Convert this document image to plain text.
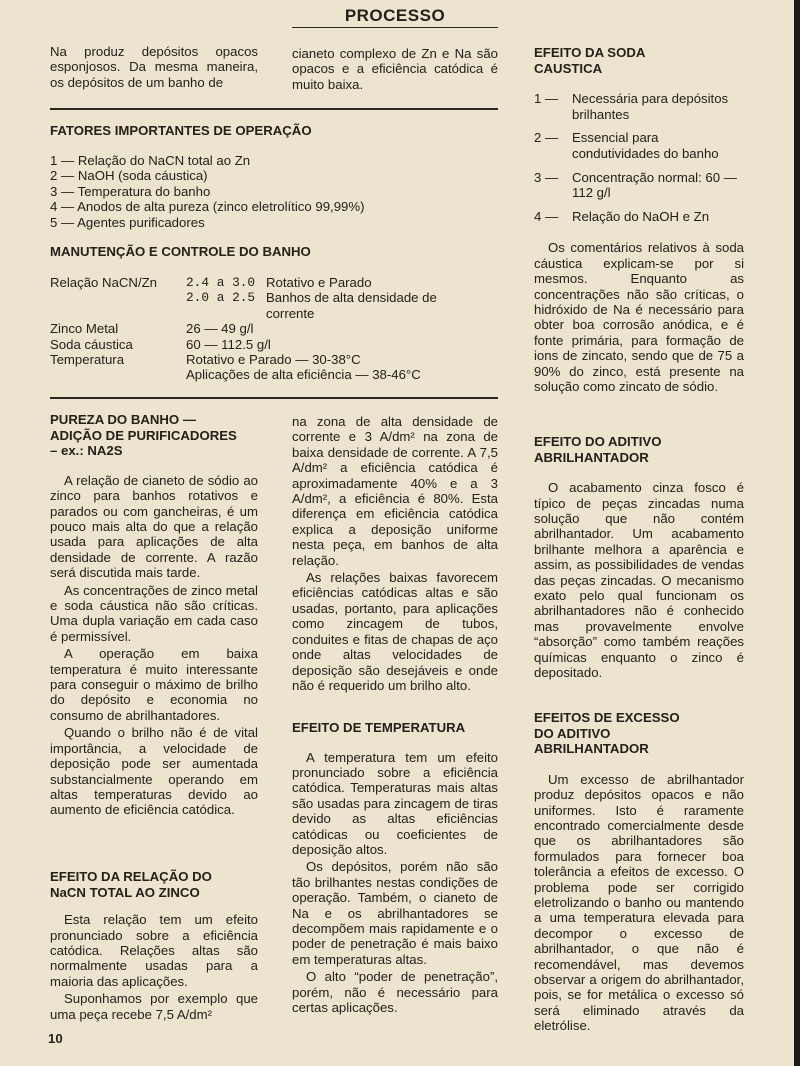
PROCESSO

Na produz depósitos opacos esponjosos. Da mesma maneira, os depósitos de um banho de

cianeto complexo de Zn e Na são opacos e a eficiência catódica é muito baixa.

FATORES IMPORTANTES DE OPERAÇÃO
1 — Relação do NaCN total ao Zn
2 — NaOH (soda cáustica)
3 — Temperatura do banho
4 — Anodos de alta pureza (zinco eletrolítico 99,99%)
5 — Agentes purificadores
MANUTENÇÃO E CONTROLE DO BANHO
Relação NaCN/Zn	2.4 a 3.0	Rotativo e Parado
	2.0 a 2.5	Banhos de alta densidade de corrente
Zinco Metal	26 — 49 g/l	
Soda cáustica	60 — 112.5 g/l	
Temperatura	Rotativo e Parado — 30-38°C	
	Aplicações de alta eficiência — 38-46°C	
PUREZA DO BANHO —
ADIÇÃO DE PURIFICADORES
– ex.: NA2S

A relação de cianeto de sódio ao zinco para banhos rotativos e parados ou com gancheiras, é um pouco mais alta do que a relação usada para aplicações de alta densidade de corrente. A razão será discutida mais tarde.

As concentrações de zinco metal e soda cáustica não são críticas. Uma dupla variação em cada caso é permissível.

A operação em baixa temperatura é muito interessante para conseguir o máximo de brilho do depósito e economia no consumo de abrilhantadores.

Quando o brilho não é de vital importância, a velocidade de deposição pode ser aumentada substancialmente operando em altas temperaturas devido ao aumento de eficiência catódica.

EFEITO DA RELAÇÃO DO
NaCN TOTAL AO ZINCO

Esta relação tem um efeito pronunciado sobre a eficiência catódica. Relações altas são normalmente usadas para a maioria das aplicações.

Suponhamos por exemplo que uma peça recebe 7,5 A/dm²

na zona de alta densidade de corrente e 3 A/dm² na zona de baixa densidade de corrente. A 7,5 A/dm² a eficiência catódica é aproximadamente 40% e a 3 A/dm², a eficiência é 80%. Esta diferença em eficiência catódica explica a deposição uniforme nesta peça, em banhos de alta relação.

As relações baixas favorecem eficiências catódicas altas e são usadas, portanto, para aplicações como zincagem de tubos, conduites e fitas de chapas de aço onde altas velocidades de deposição são desejáveis e onde não é requerido um brilho alto.

EFEITO DE TEMPERATURA

A temperatura tem um efeito pronunciado sobre a eficiência catódica. Temperaturas mais altas são usadas para zincagem de tiras devido as altas eficiências catódicas ou coeficientes de deposição altos.

Os depósitos, porém não são tão brilhantes nestas condições de operação. Também, o cianeto de Na e os abrilhantadores se decompõem mais rapidamente e o poder de penetração é mais baixo em temperaturas altas.

O alto “poder de penetração”, porém, não é necessário para certas aplicações.

EFEITO DA SODA
CAUSTICA
1 —	Necessária para depósitos brilhantes
2 —	Essencial para condutividades do banho
3 —	Concentração normal: 60 — 112 g/l
4 —	Relação do NaOH e Zn

Os comentários relativos à soda cáustica explicam-se por si mesmos. Enquanto as concentrações não são críticas, o hidróxido de Na é necessário para obter boa corrosão anódica, e é fonte primária, para formação de ions de zincato, sendo que de 75 a 90% do zinco, está presente na solução como zincato de sódio.

EFEITO DO ADITIVO
ABRILHANTADOR

O acabamento cinza fosco é típico de peças zincadas numa solução que não contém abrilhantador. Um acabamento brilhante melhora a aparência e assim, as possibilidades de vendas das peças zincadas. O mecanismo exato pelo qual funcionam os abrilhantadores não é conhecido mas provavelmente envolve “absorção” como também reações químicas enquanto o zinco é depositado.

EFEITOS DE EXCESSO
DO ADITIVO
ABRILHANTADOR

Um excesso de abrilhantador produz depósitos opacos e não uniformes. Isto é raramente encontrado comercialmente desde que os abrilhantadores são formulados para fornecer boa tolerância a efeitos de excesso. O problema pode ser corrigido eletrolizando o banho ou mantendo a uma temperatura elevada para decompor o excesso de abrilhantador, o que não é recomendável, mas devemos observar a origem do abrilhantador, pois, se for metálica o excesso só será eliminado através da eletrólise.

10
